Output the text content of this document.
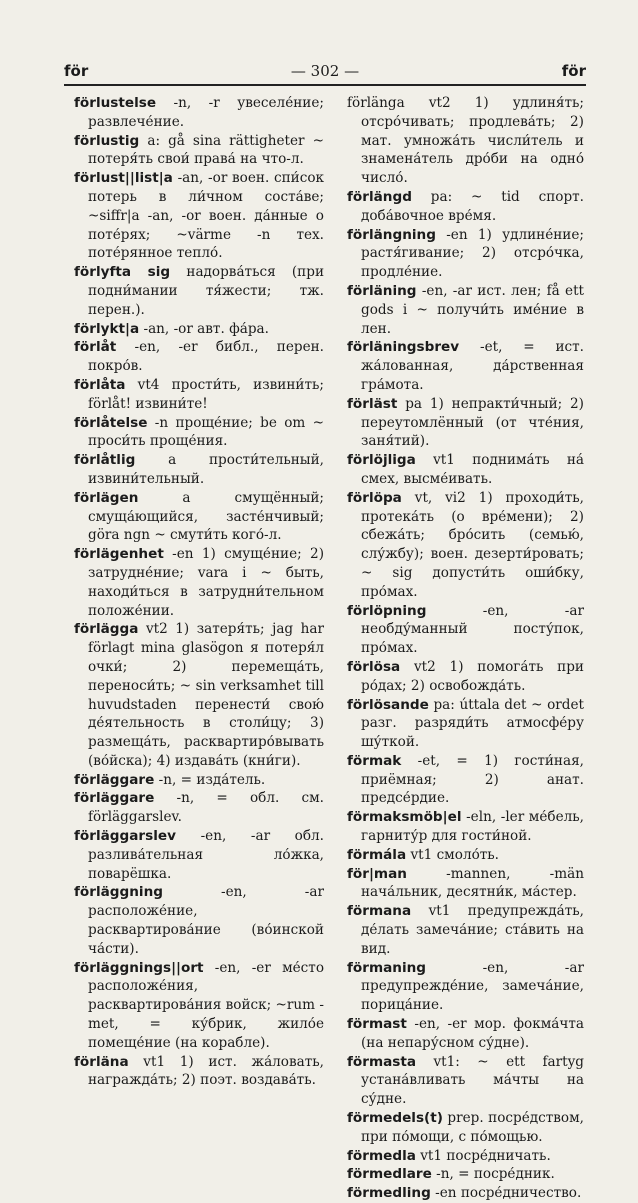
för	— 302 —	för

förlustelse -n, -r увеселе́ние; развлече́ние.

förlustig a: gå sina rättigheter ~ потеря́ть свои́ права́ на что-л.

förlust||list|a -an, -or воен. спи́сок потерь в ли́чном соста́ве; ~siffr|a -an, -or воен. да́нные о поте́рях; ~värme -n тех. поте́рянное тепло́.

förlyfta sig надорва́ться (при подни́мании тя́жести; тж. перен.).

förlykt|a -an, -or авт. фа́ра.

förlåt -en, -er библ., перен. покро́в.

förlåta vt4 прости́ть, извини́ть; förlåt! извини́те!

förlåtelse -n проще́ние; be om ~ проси́ть проще́ния.

förlåtlig a прости́тельный, извини́тельный.

förlägen a смущённый; смуща́ющийся, засте́нчивый; göra ngn ~ смути́ть кого́-л.

förlägenhet -en 1) смуще́ние; 2) затрудне́ние; vara i ~ быть, находи́ться в затрудни́тельном положе́нии.

förlägga vt2 1) затеря́ть; jag har förlagt mina glasögon я потеря́л очки́; 2) перемеща́ть, переноси́ть; ~ sin verksamhet till huvudstaden перенести́ свою́ де́ятельность в столи́цу; 3) размеща́ть, расквартиро́вывать (во́йска); 4) издава́ть (кни́ги).

förläggare -n, = изда́тель.

förläggare -n, = обл. см. förläggarslev.

förläggarslev -en, -ar обл. разлива́тельная ло́жка, поварёшка.

förläggning -en, -ar расположе́ние, расквартирова́ние (во́инской ча́сти).

förläggnings||ort -en, -er ме́сто расположе́ния, расквартирова́ния войск; ~rum -met, = ку́брик, жило́е помеще́ние (на корабле).

förläna vt1 1) ист. жа́ловать, награжда́ть; 2) поэт. воздава́ть.

förlänga vt2 1) удлиня́ть; отсро́чивать; продлева́ть; 2) мат. умножа́ть числи́тель и знамена́тель дро́би на одно́ число́.

förlängd pa: ~ tid спорт. доба́вочное вре́мя.

förlängning -en 1) удлине́ние; растя́гивание; 2) отсро́чка, продле́ние.

förläning -en, -ar ист. лен; få ett gods i ~ получи́ть име́ние в лен.

förläningsbrev -et, = ист. жа́лованная, да́рственная гра́мота.

förläst pa 1) непракти́чный; 2) переутомлённый (от чте́ния, заня́тий).

förlöjliga vt1 поднима́ть на́ смех, высме́ивать.

förlöpa vt, vi2 1) проходи́ть, протека́ть (о вре́мени); 2) сбежа́ть; бро́сить (семью́, слу́жбу); воен. дезерти́ровать; ~ sig допусти́ть оши́бку, про́мах.

förlöpning -en, -ar необду́манный посту́пок, про́мах.

förlösa vt2 1) помога́ть при ро́дах; 2) освобожда́ть.

förlösande pa: úttala det ~ ordet разг. разряди́ть атмосфе́ру шу́ткой.

förmak -et, = 1) гости́ная, приёмная; 2) анат. предсе́рдие.

förmaksmöb|el -eln, -ler ме́бель, гарниту́р для гости́ной.

förmála vt1 смоло́ть.

för|man -mannen, -män нача́льник, десятни́к, ма́стер.

förmana vt1 предупрежда́ть, де́лать замеча́ние; ста́вить на вид.

förmaning -en, -ar предупрежде́ние, замеча́ние, порица́ние.

förmast -en, -er мор. фокма́чта (на непару́сном су́дне).

förmasta vt1: ~ ett fartyg устана́вливать ма́чты на су́дне.

förmedels(t) prep. посре́дством, при по́мощи, с по́мощью.

förmedla vt1 посре́дничать.

förmedlare -n, = посре́дник.

förmedling -en посре́дничество.
